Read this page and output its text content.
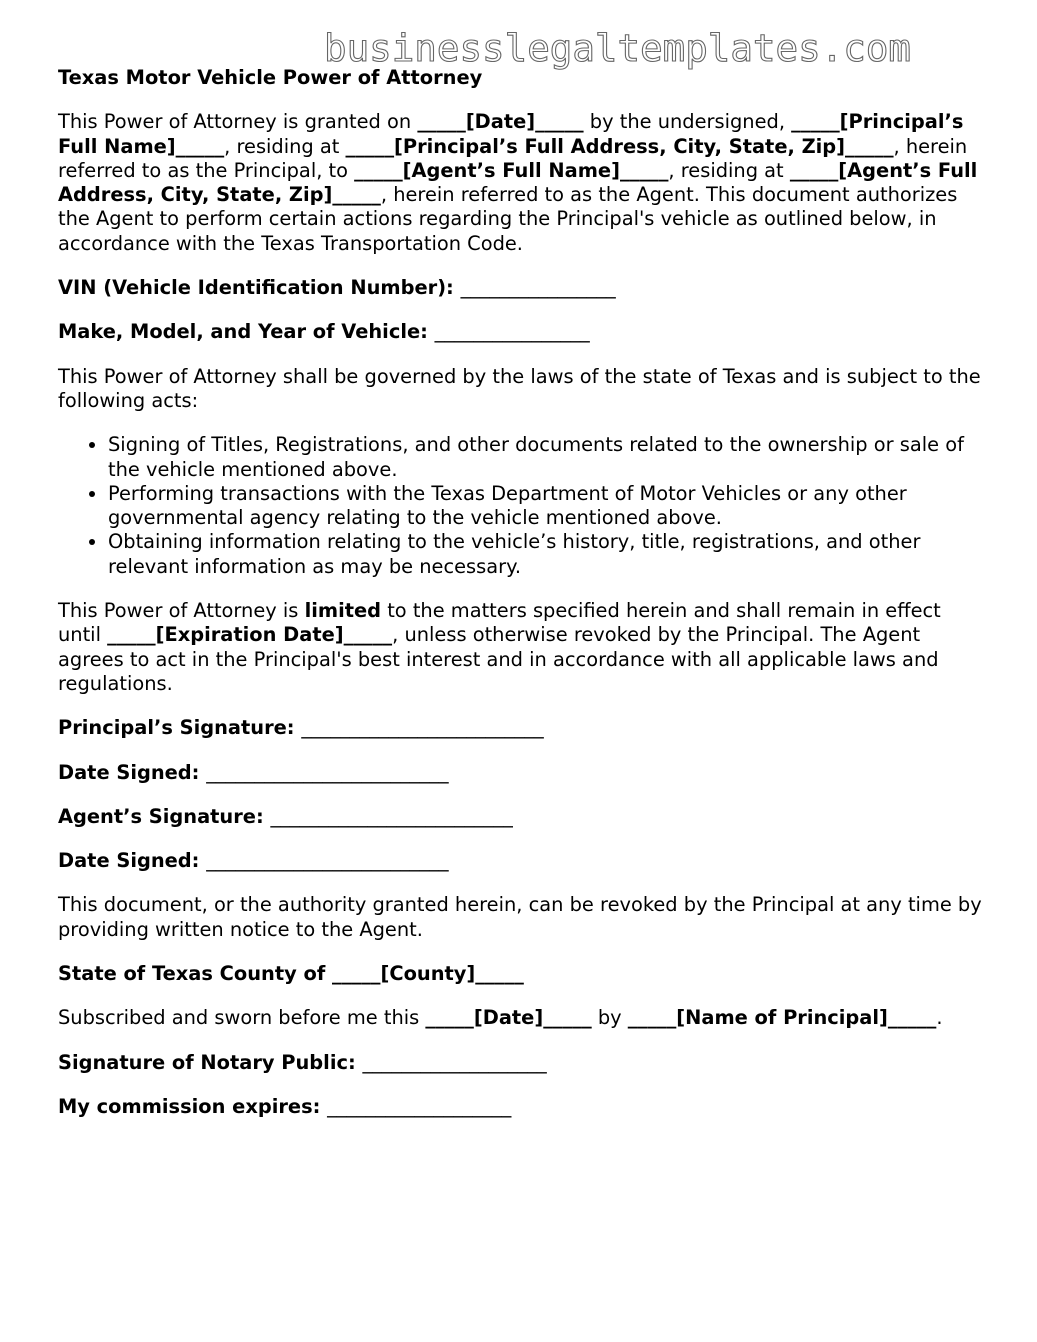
businesslegaltemplates.com

Texas Motor Vehicle Power of Attorney

This Power of Attorney is granted on _____[Date]_____ by the undersigned, _____[Principal’s Full Name]_____, residing at _____[Principal’s Full Address, City, State, Zip]_____, herein referred to as the Principal, to _____[Agent’s Full Name]_____, residing at _____[Agent’s Full Address, City, State, Zip]_____, herein referred to as the Agent. This document authorizes the Agent to perform certain actions regarding the Principal's vehicle as outlined below, in accordance with the Texas Transportation Code.

VIN (Vehicle Identification Number): ________________

Make, Model, and Year of Vehicle: ________________

This Power of Attorney shall be governed by the laws of the state of Texas and is subject to the following acts:

• Signing of Titles, Registrations, and other documents related to the ownership or sale of the vehicle mentioned above.
• Performing transactions with the Texas Department of Motor Vehicles or any other governmental agency relating to the vehicle mentioned above.
• Obtaining information relating to the vehicle’s history, title, registrations, and other relevant information as may be necessary.

This Power of Attorney is limited to the matters specified herein and shall remain in effect until _____[Expiration Date]_____, unless otherwise revoked by the Principal. The Agent agrees to act in the Principal's best interest and in accordance with all applicable laws and regulations.

Principal’s Signature: _________________________

Date Signed: _________________________

Agent’s Signature: _________________________

Date Signed: _________________________

This document, or the authority granted herein, can be revoked by the Principal at any time by providing written notice to the Agent.

State of Texas County of _____[County]_____

Subscribed and sworn before me this _____[Date]_____ by _____[Name of Principal]_____.

Signature of Notary Public: ___________________

My commission expires: ___________________
